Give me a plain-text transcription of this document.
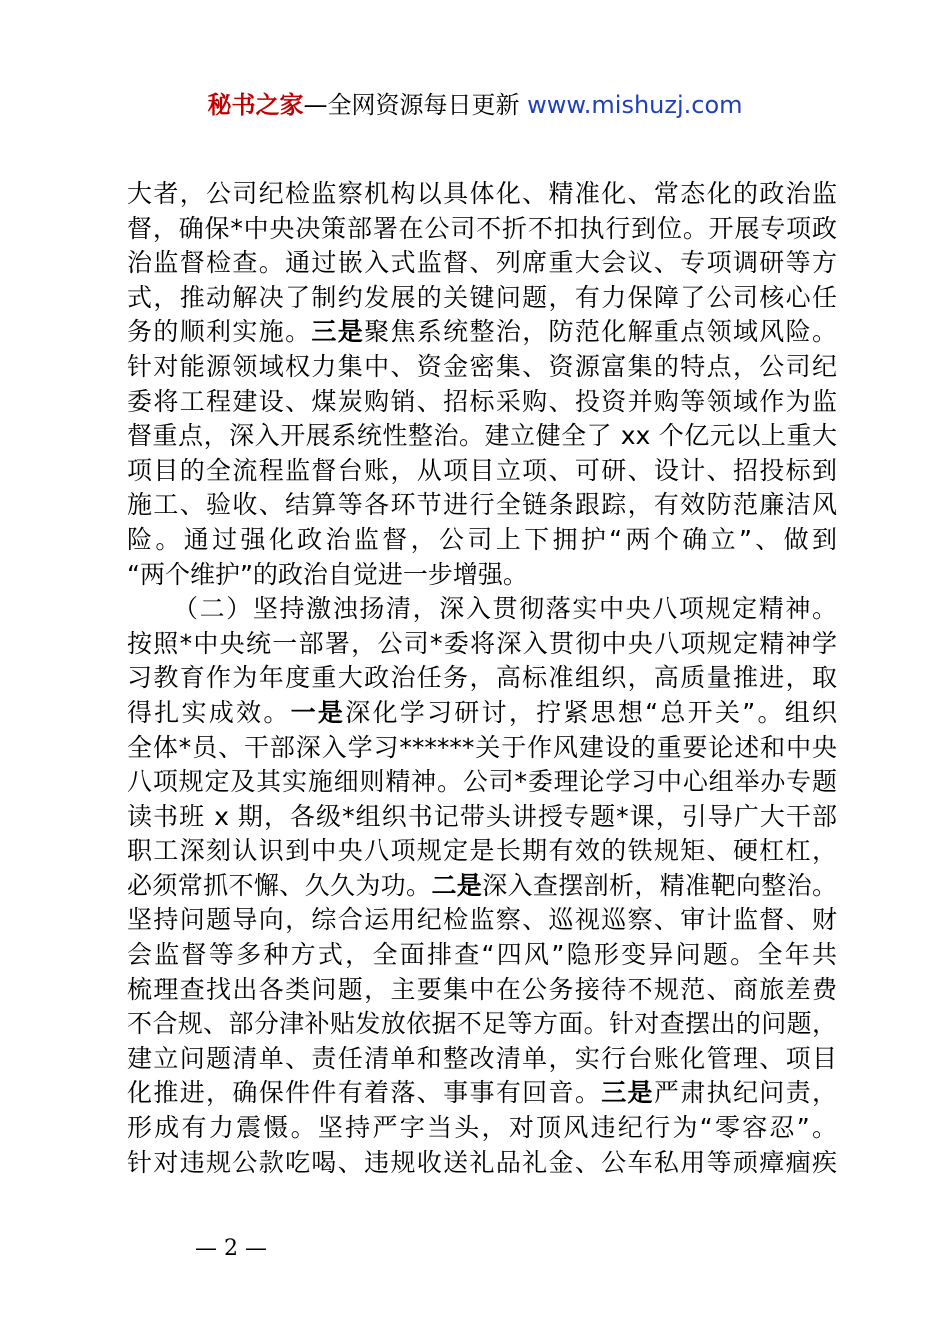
秘书之家—全网资源每日更新 www.mishuzj.com
大者，公司纪检监察机构以具体化、精准化、常态化的政治监
督，确保*中央决策部署在公司不折不扣执行到位。开展专项政
治监督检查。通过嵌入式监督、列席重大会议、专项调研等方
式，推动解决了制约发展的关键问题，有力保障了公司核心任
务的顺利实施。三是聚焦系统整治，防范化解重点领域风险。
针对能源领域权力集中、资金密集、资源富集的特点，公司纪
委将工程建设、煤炭购销、招标采购、投资并购等领域作为监
督重点，深入开展系统性整治。建立健全了 xx 个亿元以上重大
项目的全流程监督台账，从项目立项、可研、设计、招投标到
施工、验收、结算等各环节进行全链条跟踪，有效防范廉洁风
险。通过强化政治监督，公司上下拥护“两个确立”、做到
“两个维护”的政治自觉进一步增强。
（二）坚持激浊扬清，深入贯彻落实中央八项规定精神。
按照*中央统一部署，公司*委将深入贯彻中央八项规定精神学
习教育作为年度重大政治任务，高标准组织，高质量推进，取
得扎实成效。一是深化学习研讨，拧紧思想“总开关”。组织
全体*员、干部深入学习******关于作风建设的重要论述和中央
八项规定及其实施细则精神。公司*委理论学习中心组举办专题
读书班 x 期，各级*组织书记带头讲授专题*课，引导广大干部
职工深刻认识到中央八项规定是长期有效的铁规矩、硬杠杠，
必须常抓不懈、久久为功。二是深入查摆剖析，精准靶向整治。
坚持问题导向，综合运用纪检监察、巡视巡察、审计监督、财
会监督等多种方式，全面排查“四风”隐形变异问题。全年共
梳理查找出各类问题，主要集中在公务接待不规范、商旅差费
不合规、部分津补贴发放依据不足等方面。针对查摆出的问题，
建立问题清单、责任清单和整改清单，实行台账化管理、项目
化推进，确保件件有着落、事事有回音。三是严肃执纪问责，
形成有力震慑。坚持严字当头，对顶风违纪行为“零容忍”。
针对违规公款吃喝、违规收送礼品礼金、公车私用等顽瘴痼疾
— 2 —
